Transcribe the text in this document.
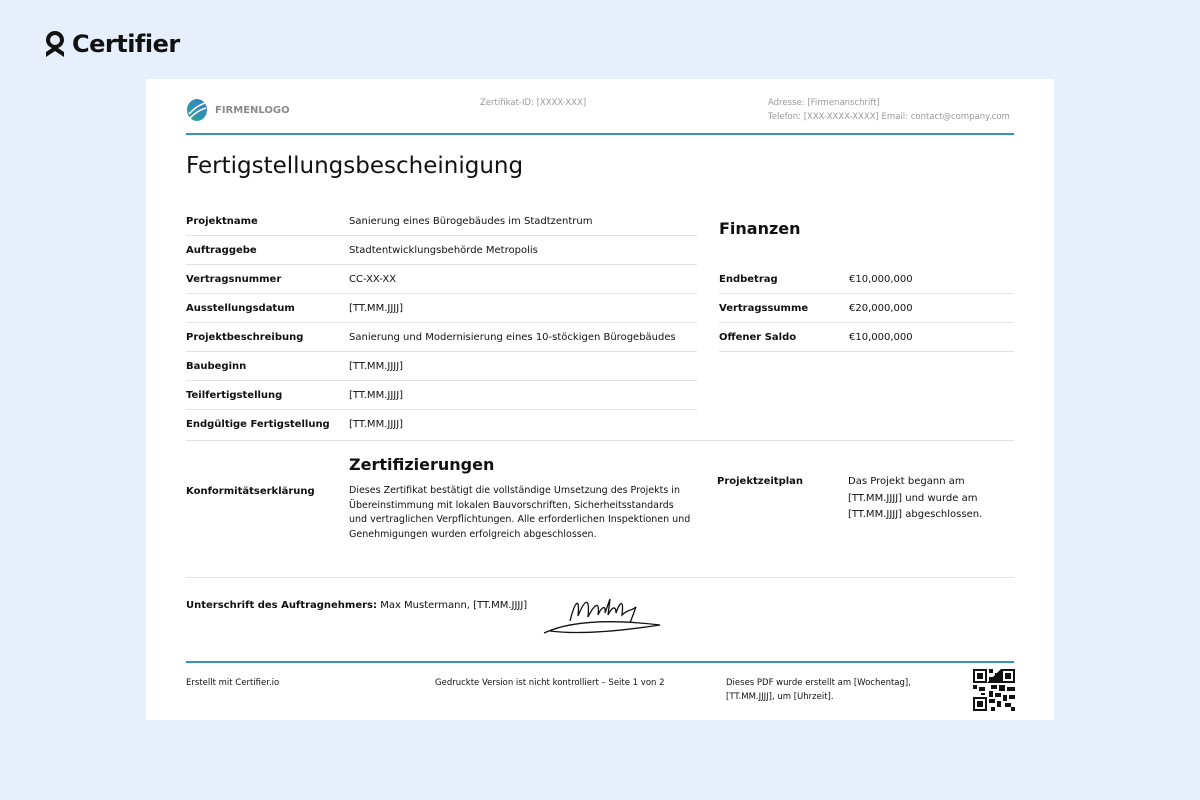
Certifier
FIRMENLOGO
Zertifikat-ID: [XXXX-XXX]	Adresse: [Firmenanschrift]
Telefon: [XXX-XXXX-XXXX] Email: contact@company.com
Fertigstellungsbescheinigung
Projektname	Sanierung eines Bürogebäudes im Stadtzentrum
Auftraggebe	Stadtentwicklungsbehörde Metropolis
Vertragsnummer	CC-XX-XX
Ausstellungsdatum	[TT.MM.JJJJ]
Projektbeschreibung	Sanierung und Modernisierung eines 10-stöckigen Bürogebäudes
Baubeginn	[TT.MM.JJJJ]
Teilfertigstellung	[TT.MM.JJJJ]
Endgültige Fertigstellung	[TT.MM.JJJJ]
Finanzen
Endbetrag	€10,000,000
Vertragssumme	€20,000,000
Offener Saldo	€10,000,000
Zertifizierungen
Konformitätserklärung	Dieses Zertifikat bestätigt die vollständige Umsetzung des Projekts in Übereinstimmung mit lokalen Bauvorschriften, Sicherheitsstandards und vertraglichen Verpflichtungen. Alle erforderlichen Inspektionen und Genehmigungen wurden erfolgreich abgeschlossen.
Projektzeitplan	Das Projekt begann am [TT.MM.JJJJ] und wurde am [TT.MM.JJJJ] abgeschlossen.
Unterschrift des Auftragnehmers: Max Mustermann, [TT.MM.JJJJ]
Erstellt mit Certifier.io	Gedruckte Version ist nicht kontrolliert – Seite 1 von 2	Dieses PDF wurde erstellt am [Wochentag], [TT.MM.JJJJ], um [Uhrzeit].
